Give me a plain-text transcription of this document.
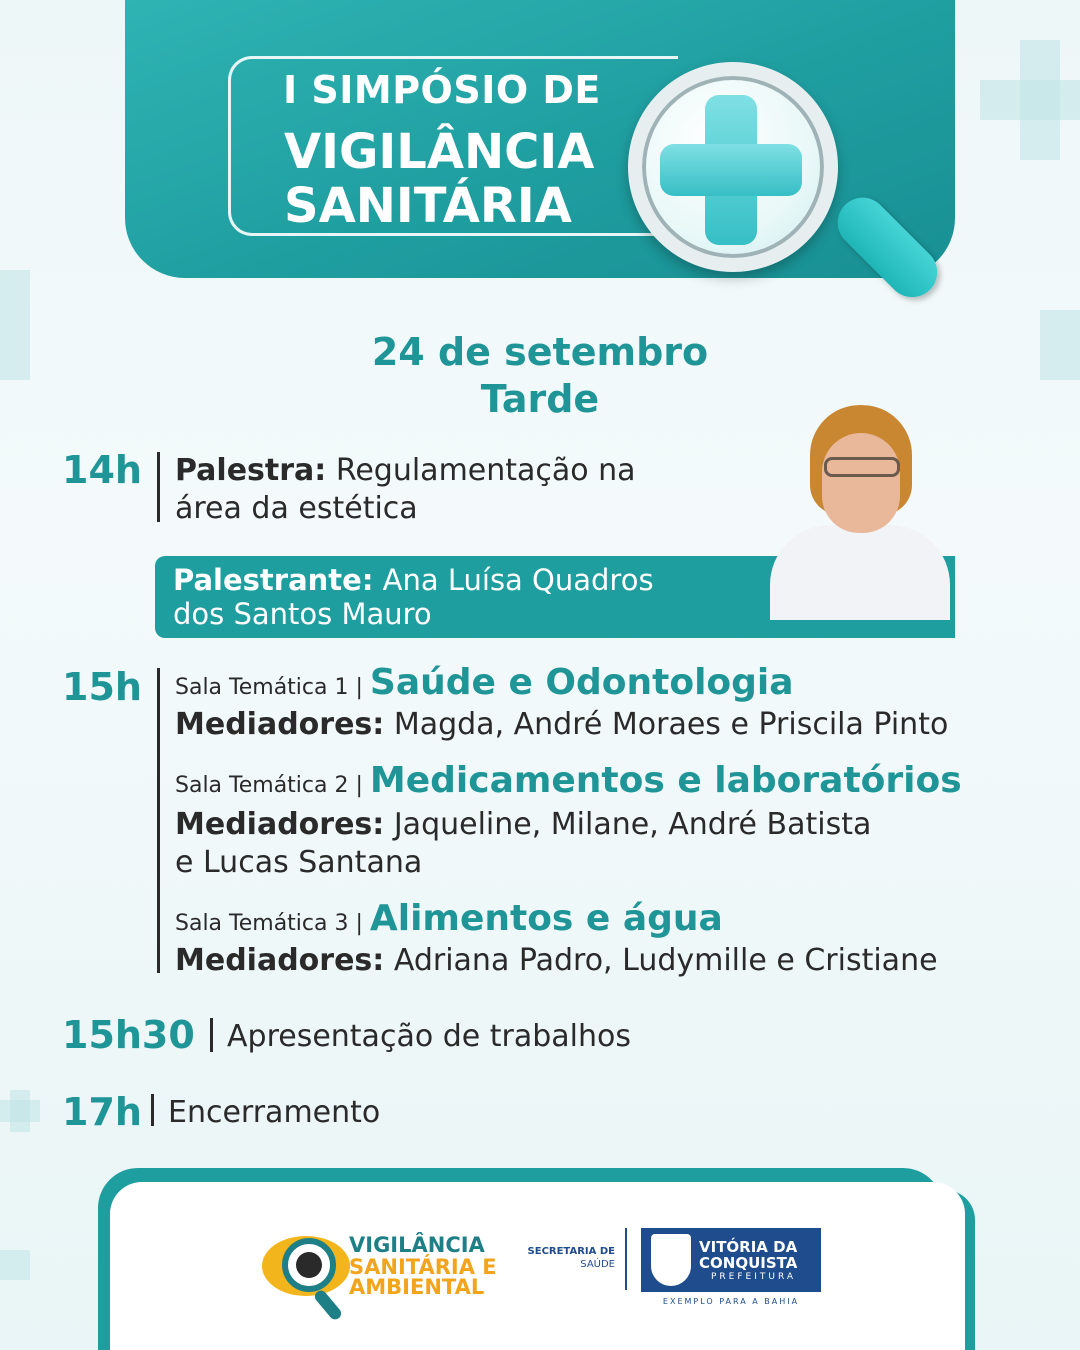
I SIMPÓSIO DE
VIGILÂNCIA
SANITÁRIA
24 de setembro
Tarde
14h Palestra: Regulamentação na
área da estética
Palestrante: Ana Luísa Quadros
dos Santos Mauro
15h Sala Temática 1 | Saúde e Odontologia
Mediadores: Magda, André Moraes e Priscila Pinto
Sala Temática 2 | Medicamentos e laboratórios
Mediadores: Jaqueline, Milane, André Batista
e Lucas Santana
Sala Temática 3 | Alimentos e água
Mediadores: Adriana Padro, Ludymille e Cristiane
15h30 Apresentação de trabalhos
17h Encerramento
VIGILÂNCIA
SANITÁRIA E
AMBIENTAL
SECRETARIA DE
SAÚDE
VITÓRIA DA
CONQUISTA
PREFEITURA
EXEMPLO PARA A BAHIA
